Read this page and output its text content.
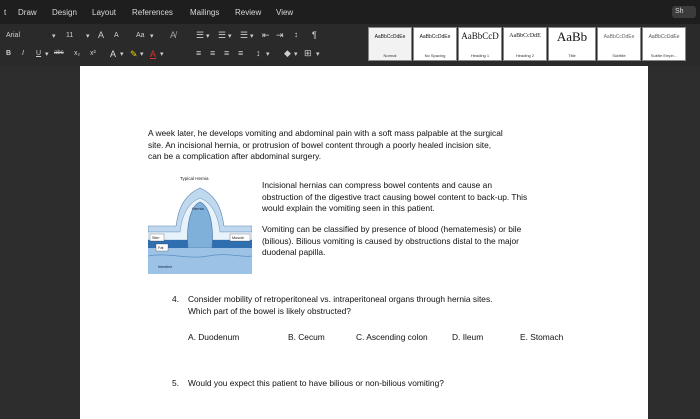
t Draw Design Layout References Mailings Review View	Sh
Arial	▾ 11 ▾ A A Aa ▾ A̸
B I U ▾ abc x₂ x² A ▾ ✎ ▾ A ▾
☰ ▾ ☰ ▾ ☰ ▾ ⇤ ⇥ ↕ ¶
≡ ≡ ≡ ≡ ↕ ▾ ◆ ▾ ⊞ ▾
AaBbCcDdEe
Normal
AaBbCcDdEe
No Spacing
AaBbCcD
Heading 1
AaBbCcDdE
Heading 2
AaBb
Title
AaBbCcDdEe
Subtitle
AaBbCcDdEe
Subtle Emph...
A week later, he develops vomiting and abdominal pain with a soft mass palpable at the surgical
site. An incisional hernia, or protrusion of bowel content through a poorly healed incision site,
can be a complication after abdominal surgery.
Typical Hernia
Hernia
Skin	Muscle
Fat
Intestine
Incisional hernias can compress bowel contents and cause an
obstruction of the digestive tract causing bowel content to back-up. This
would explain the vomiting seen in this patient.
Vomiting can be classified by presence of blood (hematemesis) or bile
(bilious). Bilious vomiting is caused by obstructions distal to the major
duodenal papilla.
4. Consider mobility of retroperitoneal vs. intraperitoneal organs through hernia sites.
Which part of the bowel is likely obstructed?
A. Duodenum	B. Cecum	C. Ascending colon	D. Ileum	E. Stomach
5. Would you expect this patient to have bilious or non-bilious vomiting?
